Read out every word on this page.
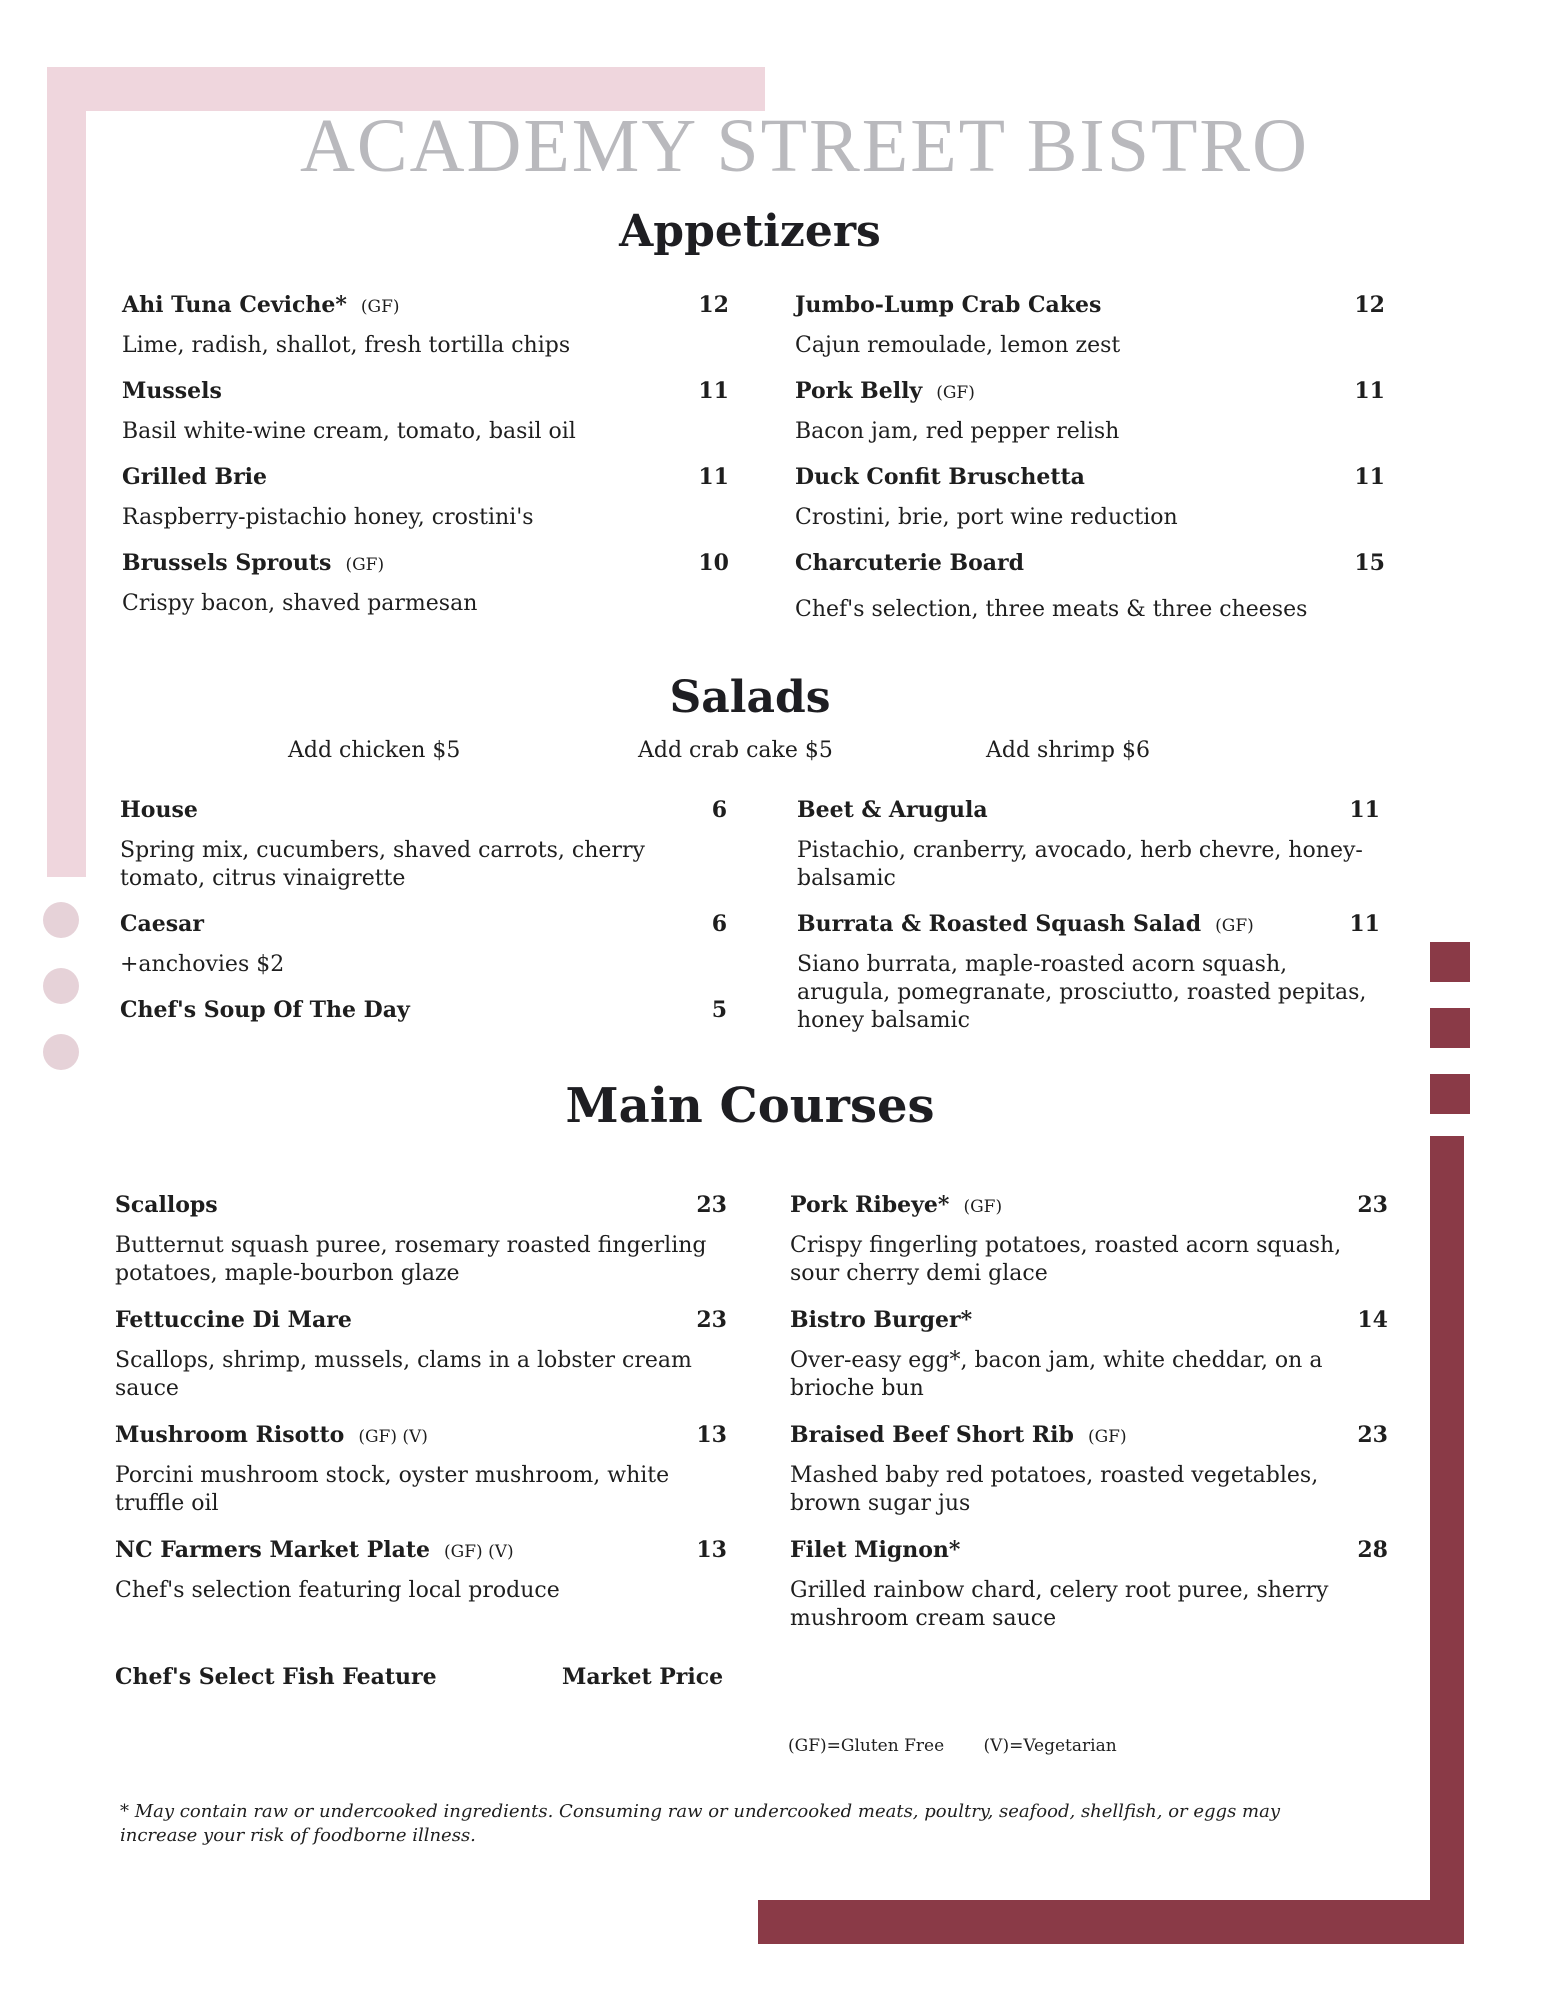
ACADEMY STREET BISTRO
Appetizers
Ahi Tuna Ceviche* (GF)	12
Lime, radish, shallot, fresh tortilla chips
Mussels	11
Basil white-wine cream, tomato, basil oil
Grilled Brie	11
Raspberry-pistachio honey, crostini's
Brussels Sprouts (GF)	10
Crispy bacon, shaved parmesan
Jumbo-Lump Crab Cakes	12
Cajun remoulade, lemon zest
Pork Belly (GF)	11
Bacon jam, red pepper relish
Duck Confit Bruschetta	11
Crostini, brie, port wine reduction
Charcuterie Board	15
Chef's selection, three meats & three cheeses
Salads
Add chicken $5	Add crab cake $5	Add shrimp $6
House	6
Spring mix, cucumbers, shaved carrots, cherry tomato, citrus vinaigrette
Caesar	6
+anchovies $2
Chef's Soup Of The Day	5
Beet & Arugula	11
Pistachio, cranberry, avocado, herb chevre, honey-balsamic
Burrata & Roasted Squash Salad (GF)	11
Siano burrata, maple-roasted acorn squash, arugula, pomegranate, prosciutto, roasted pepitas, honey balsamic
Main Courses
Scallops	23
Butternut squash puree, rosemary roasted fingerling potatoes, maple-bourbon glaze
Fettuccine Di Mare	23
Scallops, shrimp, mussels, clams in a lobster cream sauce
Mushroom Risotto (GF) (V)	13
Porcini mushroom stock, oyster mushroom, white truffle oil
NC Farmers Market Plate (GF) (V)	13
Chef's selection featuring local produce
Pork Ribeye* (GF)	23
Crispy fingerling potatoes, roasted acorn squash, sour cherry demi glace
Bistro Burger*	14
Over-easy egg*, bacon jam, white cheddar, on a brioche bun
Braised Beef Short Rib (GF)	23
Mashed baby red potatoes, roasted vegetables, brown sugar jus
Filet Mignon*	28
Grilled rainbow chard, celery root puree, sherry mushroom cream sauce
Chef's Select Fish Feature	Market Price
(GF)=Gluten Free (V)=Vegetarian
* May contain raw or undercooked ingredients. Consuming raw or undercooked meats, poultry, seafood, shellfish, or eggs may increase your risk of foodborne illness.
